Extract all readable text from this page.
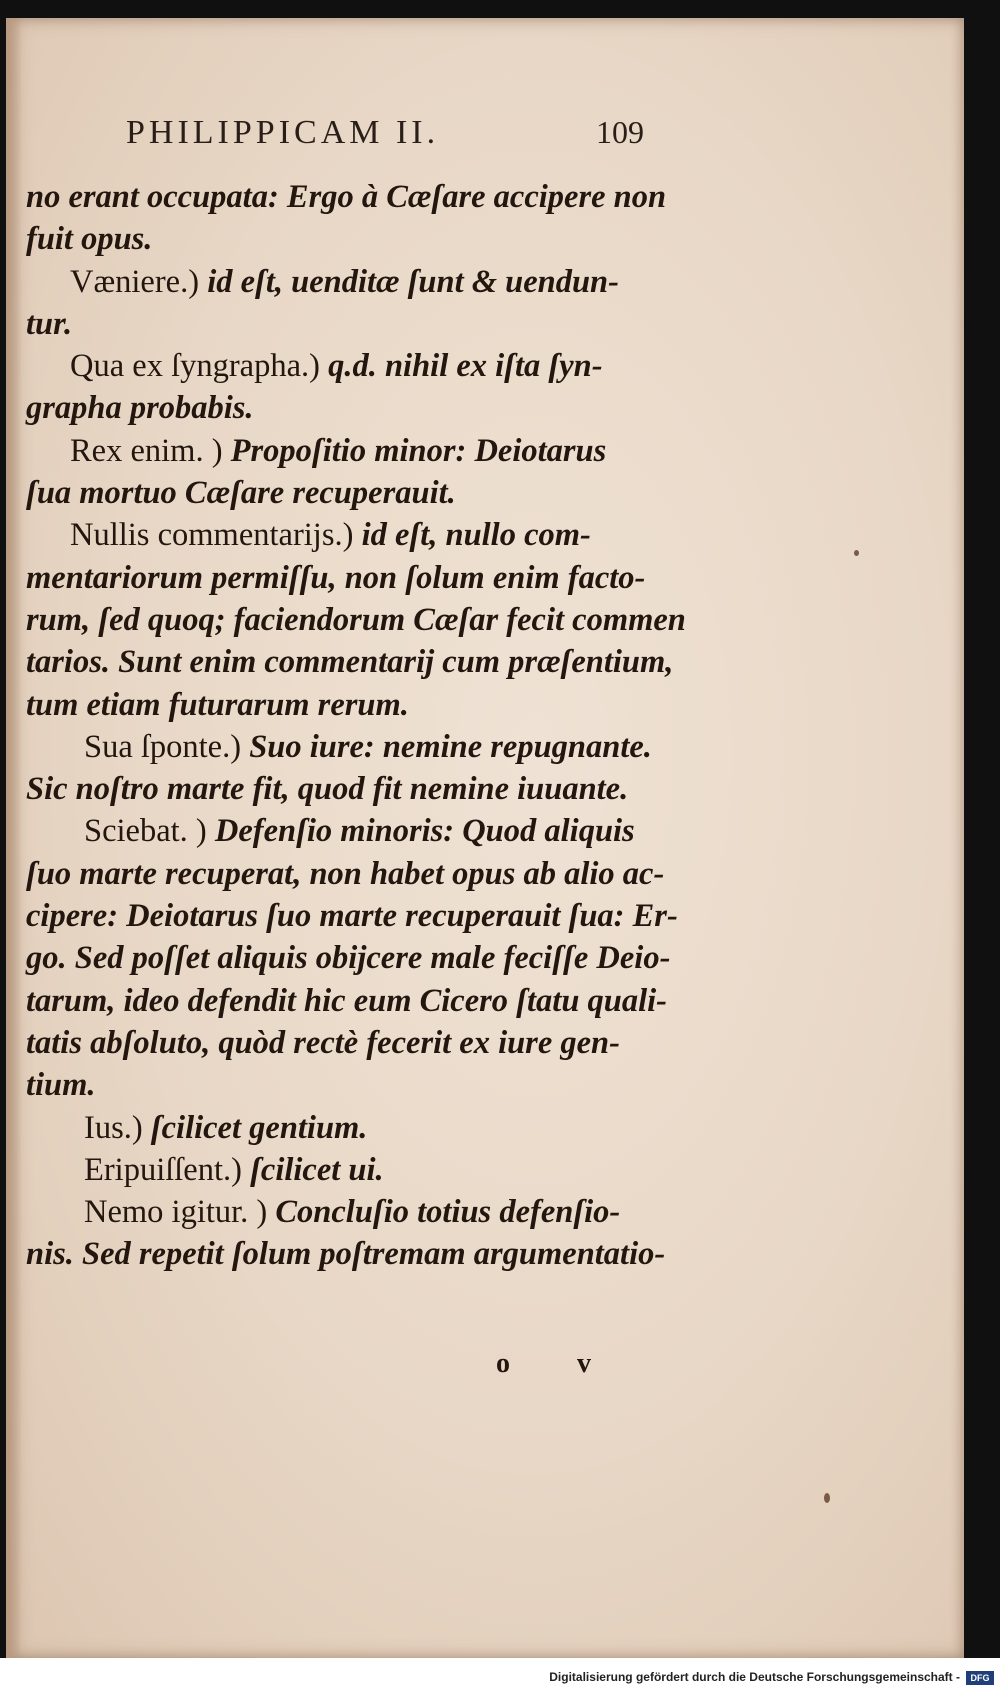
PHILIPPICAM II.	109
no erant occupata: Ergo à Cæſare accipere non
fuit opus.
Væniere.) id eſt, uenditæ ſunt & uendun-
tur.
Qua ex ſyngrapha.) q.d. nihil ex iſta ſyn-
grapha probabis.
Rex enim. ) Propoſitio minor: Deiotarus
ſua mortuo Cæſare recuperauit.
Nullis commentarijs.) id eſt, nullo com-
mentariorum permiſſu, non ſolum enim facto-
rum, ſed quoq; faciendorum Cæſar fecit commen
tarios. Sunt enim commentarij cum præſentium,
tum etiam futurarum rerum.
Sua ſponte.) Suo iure: nemine repugnante.
Sic noſtro marte fit, quod fit nemine iuuante.
Sciebat. ) Defenſio minoris: Quod aliquis
ſuo marte recuperat, non habet opus ab alio ac-
cipere: Deiotarus ſuo marte recuperauit ſua: Er-
go. Sed poſſet aliquis obijcere male feciſſe Deio-
tarum, ideo defendit hic eum Cicero ſtatu quali-
tatis abſoluto, quòd rectè fecerit ex iure gen-
tium.
Ius.) ſcilicet gentium.
Eripuiſſent.) ſcilicet ui.
Nemo igitur. ) Concluſio totius defenſio-
nis. Sed repetit ſolum poſtremam argumentatio-
o v
Digitalisierung gefördert durch die Deutsche Forschungsgemeinschaft -	DFG
